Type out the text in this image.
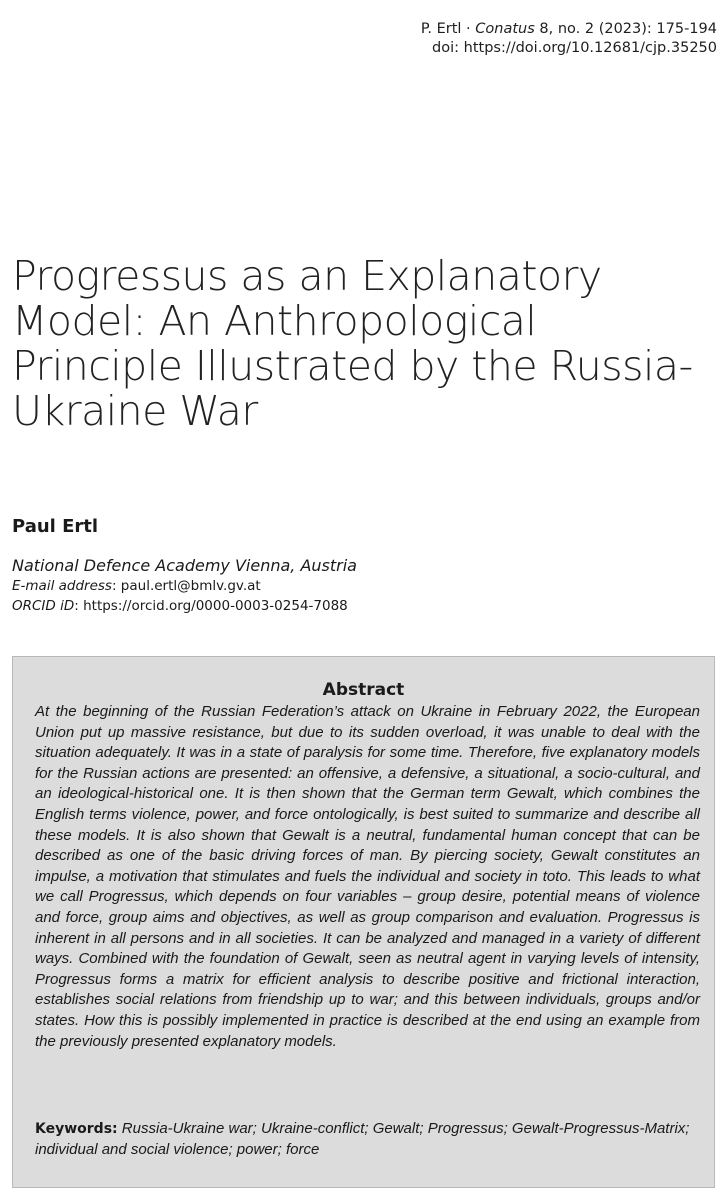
P. Ertl · Conatus 8, no. 2 (2023): 175-194
doi: https://doi.org/10.12681/cjp.35250
Progressus as an Explanatory
Model: An Anthropological
Principle Illustrated by the Russia-
Ukraine War
Paul Ertl
National Defence Academy Vienna, Austria
E-mail address: paul.ertl@bmlv.gv.at
ORCID iD: https://orcid.org/0000-0003-0254-7088
Abstract

At the beginning of the Russian Federation’s attack on Ukraine in February 2022, the European Union put up massive resistance, but due to its sudden overload, it was unable to deal with the situation adequately. It was in a state of paralysis for some time. Therefore, five explanatory models for the Russian actions are presented: an offensive, a defensive, a situational, a socio-cultural, and an ideological-historical one. It is then shown that the German term Gewalt, which combines the English terms violence, power, and force ontologically, is best suited to summarize and describe all these models. It is also shown that Gewalt is a neutral, fundamental human concept that can be described as one of the basic driving forces of man. By piercing society, Gewalt constitutes an impulse, a motivation that stimulates and fuels the individual and society in toto. This leads to what we call Progressus, which depends on four variables – group desire, potential means of violence and force, group aims and objectives, as well as group comparison and evaluation. Progressus is inherent in all persons and in all societies. It can be analyzed and managed in a variety of different ways. Combined with the foundation of Gewalt, seen as neutral agent in varying levels of intensity, Progressus forms a matrix for efficient analysis to describe positive and frictional interaction, establishes social relations from friendship up to war; and this between individuals, groups and/or states. How this is possibly implemented in practice is described at the end using an example from the previously presented explanatory models.

Keywords: Russia-Ukraine war; Ukraine-conflict; Gewalt; Progressus; Gewalt-Progressus-Matrix; individual and social violence; power; force
